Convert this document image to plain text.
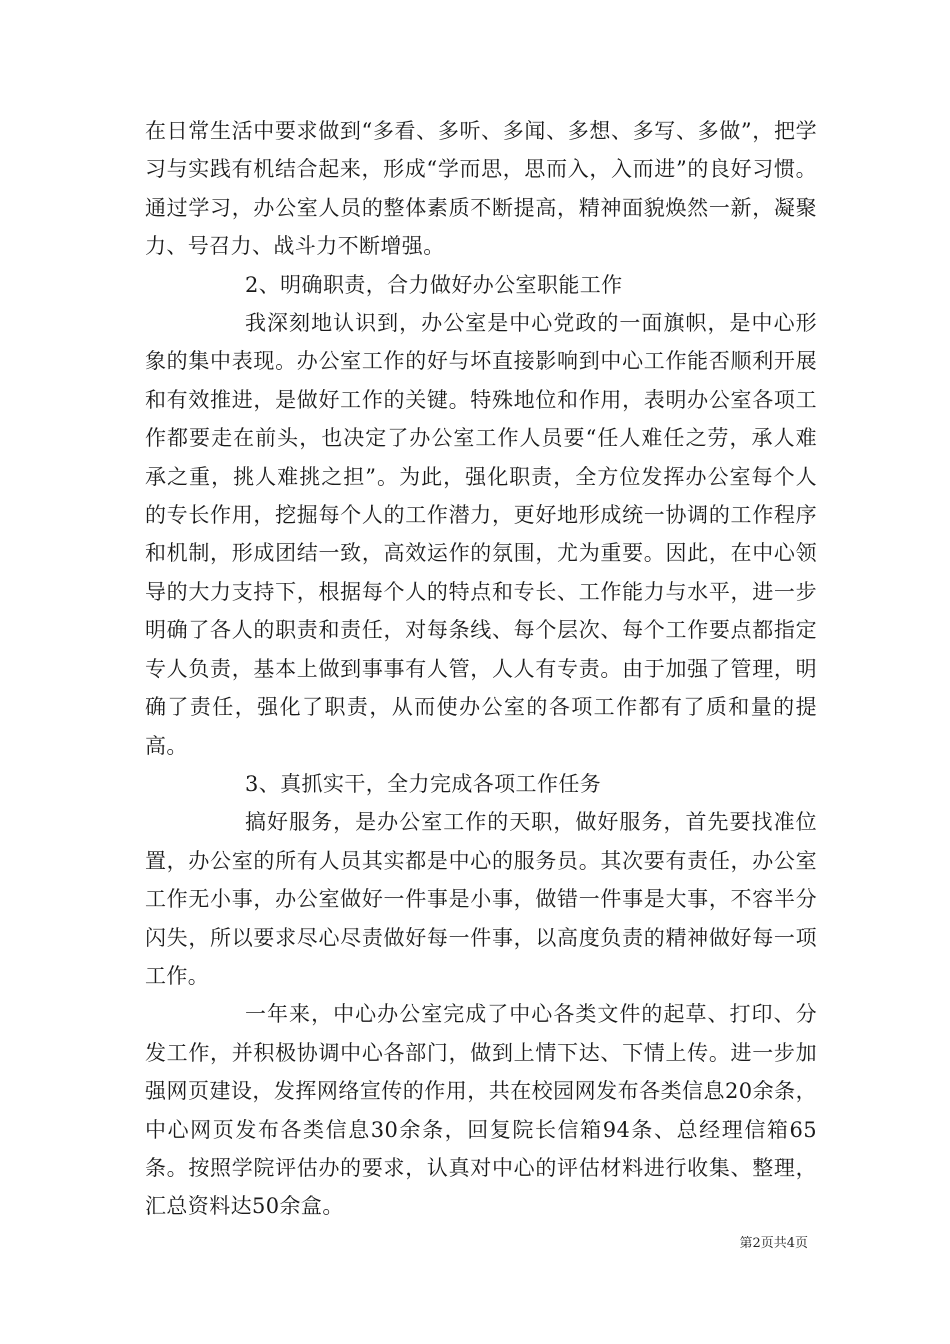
在日常生活中要求做到“多看、多听、多闻、多想、多写、多做”，把学习与实践有机结合起来，形成“学而思，思而入，入而进”的良好习惯。通过学习，办公室人员的整体素质不断提高，精神面貌焕然一新，凝聚力、号召力、战斗力不断增强。

2、明确职责，合力做好办公室职能工作

我深刻地认识到，办公室是中心党政的一面旗帜，是中心形象的集中表现。办公室工作的好与坏直接影响到中心工作能否顺利开展和有效推进，是做好工作的关键。特殊地位和作用，表明办公室各项工作都要走在前头，也决定了办公室工作人员要“任人难任之劳，承人难承之重，挑人难挑之担”。为此，强化职责，全方位发挥办公室每个人的专长作用，挖掘每个人的工作潜力，更好地形成统一协调的工作程序和机制，形成团结一致，高效运作的氛围，尤为重要。因此，在中心领导的大力支持下，根据每个人的特点和专长、工作能力与水平，进一步明确了各人的职责和责任，对每条线、每个层次、每个工作要点都指定专人负责，基本上做到事事有人管，人人有专责。由于加强了管理，明确了责任，强化了职责，从而使办公室的各项工作都有了质和量的提高。

3、真抓实干，全力完成各项工作任务

搞好服务，是办公室工作的天职，做好服务，首先要找准位置，办公室的所有人员其实都是中心的服务员。其次要有责任，办公室工作无小事，办公室做好一件事是小事，做错一件事是大事，不容半分闪失，所以要求尽心尽责做好每一件事，以高度负责的精神做好每一项工作。

一年来，中心办公室完成了中心各类文件的起草、打印、分发工作，并积极协调中心各部门，做到上情下达、下情上传。进一步加强网页建设，发挥网络宣传的作用，共在校园网发布各类信息20余条，中心网页发布各类信息30余条，回复院长信箱94条、总经理信箱65条。按照学院评估办的要求，认真对中心的评估材料进行收集、整理，汇总资料达50余盒。

第2页共4页
